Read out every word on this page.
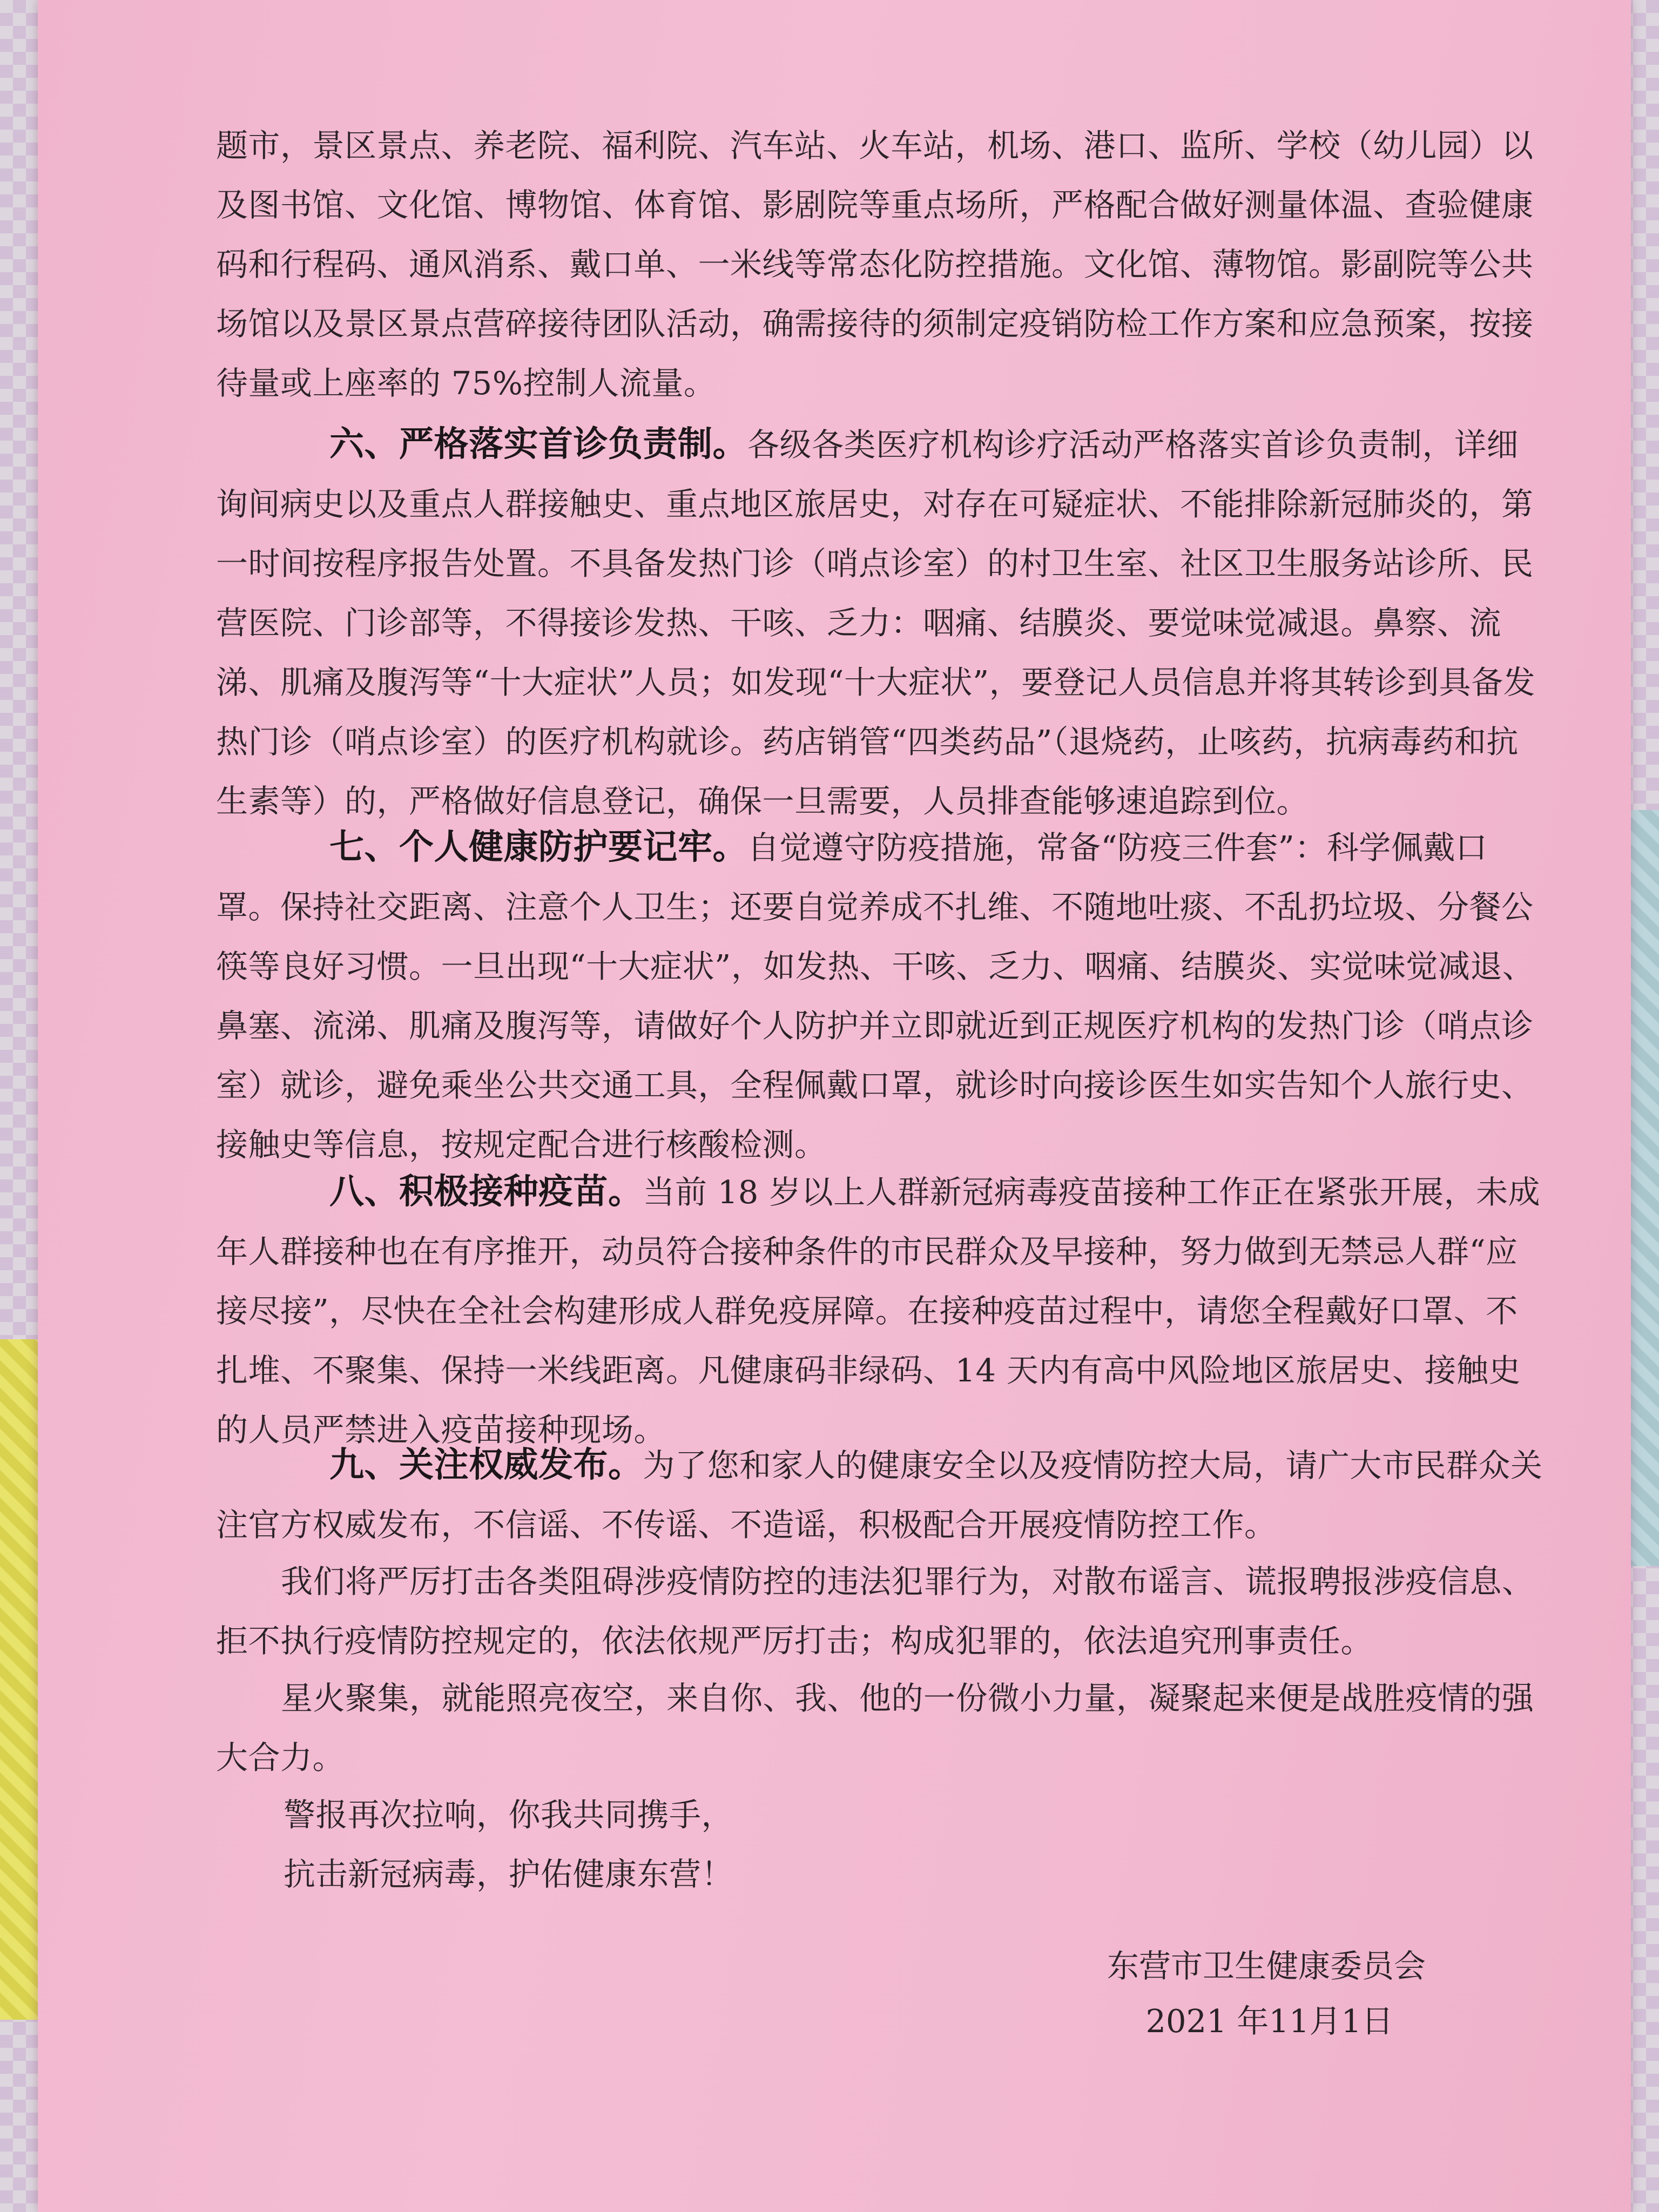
题市，景区景点、养老院、福利院、汽车站、火车站，机场、港口、监所、学校（幼儿园）以及图书馆、文化馆、博物馆、体育馆、影剧院等重点场所，严格配合做好测量体温、查验健康码和行程码、通风消系、戴口单、一米线等常态化防控措施。文化馆、薄物馆。影副院等公共场馆以及景区景点营碎接待团队活动，确需接待的须制定疫销防检工作方案和应急预案，按接待量或上座率的 75%控制人流量。

六、严格落实首诊负责制。各级各类医疗机构诊疗活动严格落实首诊负责制，详细询间病史以及重点人群接触史、重点地区旅居史，对存在可疑症状、不能排除新冠肺炎的，第一时间按程序报告处置。不具备发热门诊（哨点诊室）的村卫生室、社区卫生服务站诊所、民营医院、门诊部等，不得接诊发热、干咳、乏力：咽痛、结膜炎、要觉味觉减退。鼻察、流涕、肌痛及腹泻等“十大症状”人员；如发现“十大症状”，要登记人员信息并将其转诊到具备发热门诊（哨点诊室）的医疗机构就诊。药店销管“四类药品”（退烧药，止咳药，抗病毒药和抗生素等）的，严格做好信息登记，确保一旦需要，人员排查能够速追踪到位。

七、个人健康防护要记牢。自觉遵守防疫措施，常备“防疫三件套”：科学佩戴口罩。保持社交距离、注意个人卫生；还要自觉养成不扎维、不随地吐痰、不乱扔垃圾、分餐公筷等良好习惯。一旦出现“十大症状”，如发热、干咳、乏力、咽痛、结膜炎、实觉味觉减退、鼻塞、流涕、肌痛及腹泻等，请做好个人防护并立即就近到正规医疗机构的发热门诊（哨点诊室）就诊，避免乘坐公共交通工具，全程佩戴口罩，就诊时向接诊医生如实告知个人旅行史、接触史等信息，按规定配合进行核酸检测。

八、积极接种疫苗。当前 18 岁以上人群新冠病毒疫苗接种工作正在紧张开展，未成年人群接种也在有序推开，动员符合接种条件的市民群众及早接种，努力做到无禁忌人群“应接尽接”，尽快在全社会构建形成人群免疫屏障。在接种疫苗过程中，请您全程戴好口罩、不扎堆、不聚集、保持一米线距离。凡健康码非绿码、14 天内有高中风险地区旅居史、接触史的人员严禁进入疫苗接种现场。

九、关注权威发布。为了您和家人的健康安全以及疫情防控大局，请广大市民群众关注官方权威发布，不信谣、不传谣、不造谣，积极配合开展疫情防控工作。

我们将严厉打击各类阻碍涉疫情防控的违法犯罪行为，对散布谣言、谎报聘报涉疫信息、拒不执行疫情防控规定的，依法依规严厉打击；构成犯罪的，依法追究刑事责任。

星火聚集，就能照亮夜空，来自你、我、他的一份微小力量，凝聚起来便是战胜疫情的强大合力。

警报再次拉响，你我共同携手，

抗击新冠病毒，护佑健康东营！

东营市卫生健康委员会
2021 年11月1日
